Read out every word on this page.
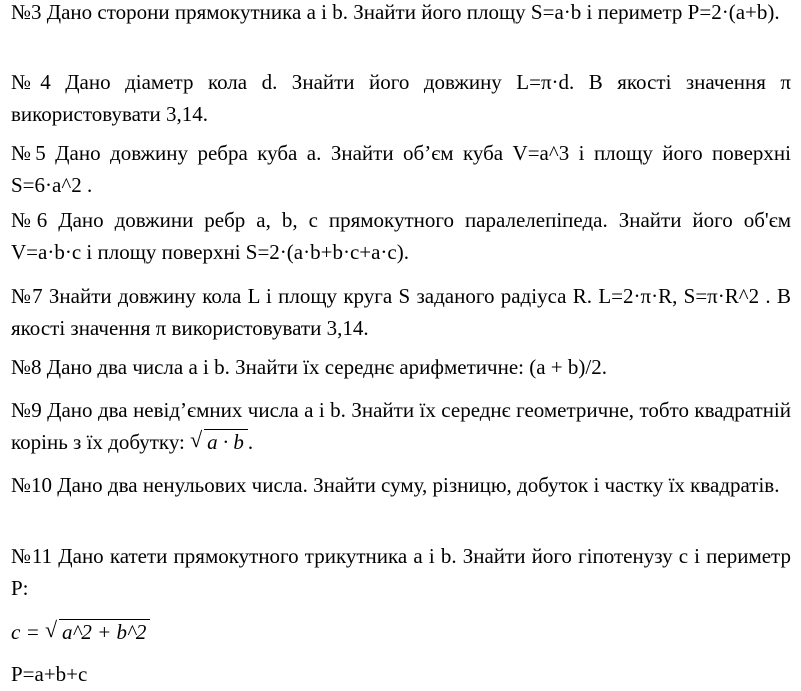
№3 Дано сторони прямокутника a і b. Знайти його площу S=a·b і периметр P=2·(a+b).
№4 Дано діаметр кола d. Знайти його довжину L=π·d. В якості значення π використовувати 3,14.
№5 Дано довжину ребра куба a. Знайти об’єм куба V=a^3 і площу його поверхні S=6·a^2 .
№6 Дано довжини ребр a, b, c прямокутного паралелепіпеда. Знайти його об'єм V=a·b·c і площу поверхні S=2·(a·b+b·c+a·c).
№7 Знайти довжину кола L і площу круга S заданого радіуса R. L=2·π·R, S=π·R^2 . В якості значення π використовувати 3,14.
№8 Дано два числа a і b. Знайти їх середнє арифметичне: (a + b)/2.
№9 Дано два невід’ємних числа a і b. Знайти їх середнє геометричне, тобто квадратній корінь з їх добутку: √ a · b .
№10 Дано два ненульових числа. Знайти суму, різницю, добуток і частку їх квадратів.
№11 Дано катети прямокутного трикутника a і b. Знайти його гіпотенузу c і периметр P:
c = √ a^2 + b^2
P=a+b+c
